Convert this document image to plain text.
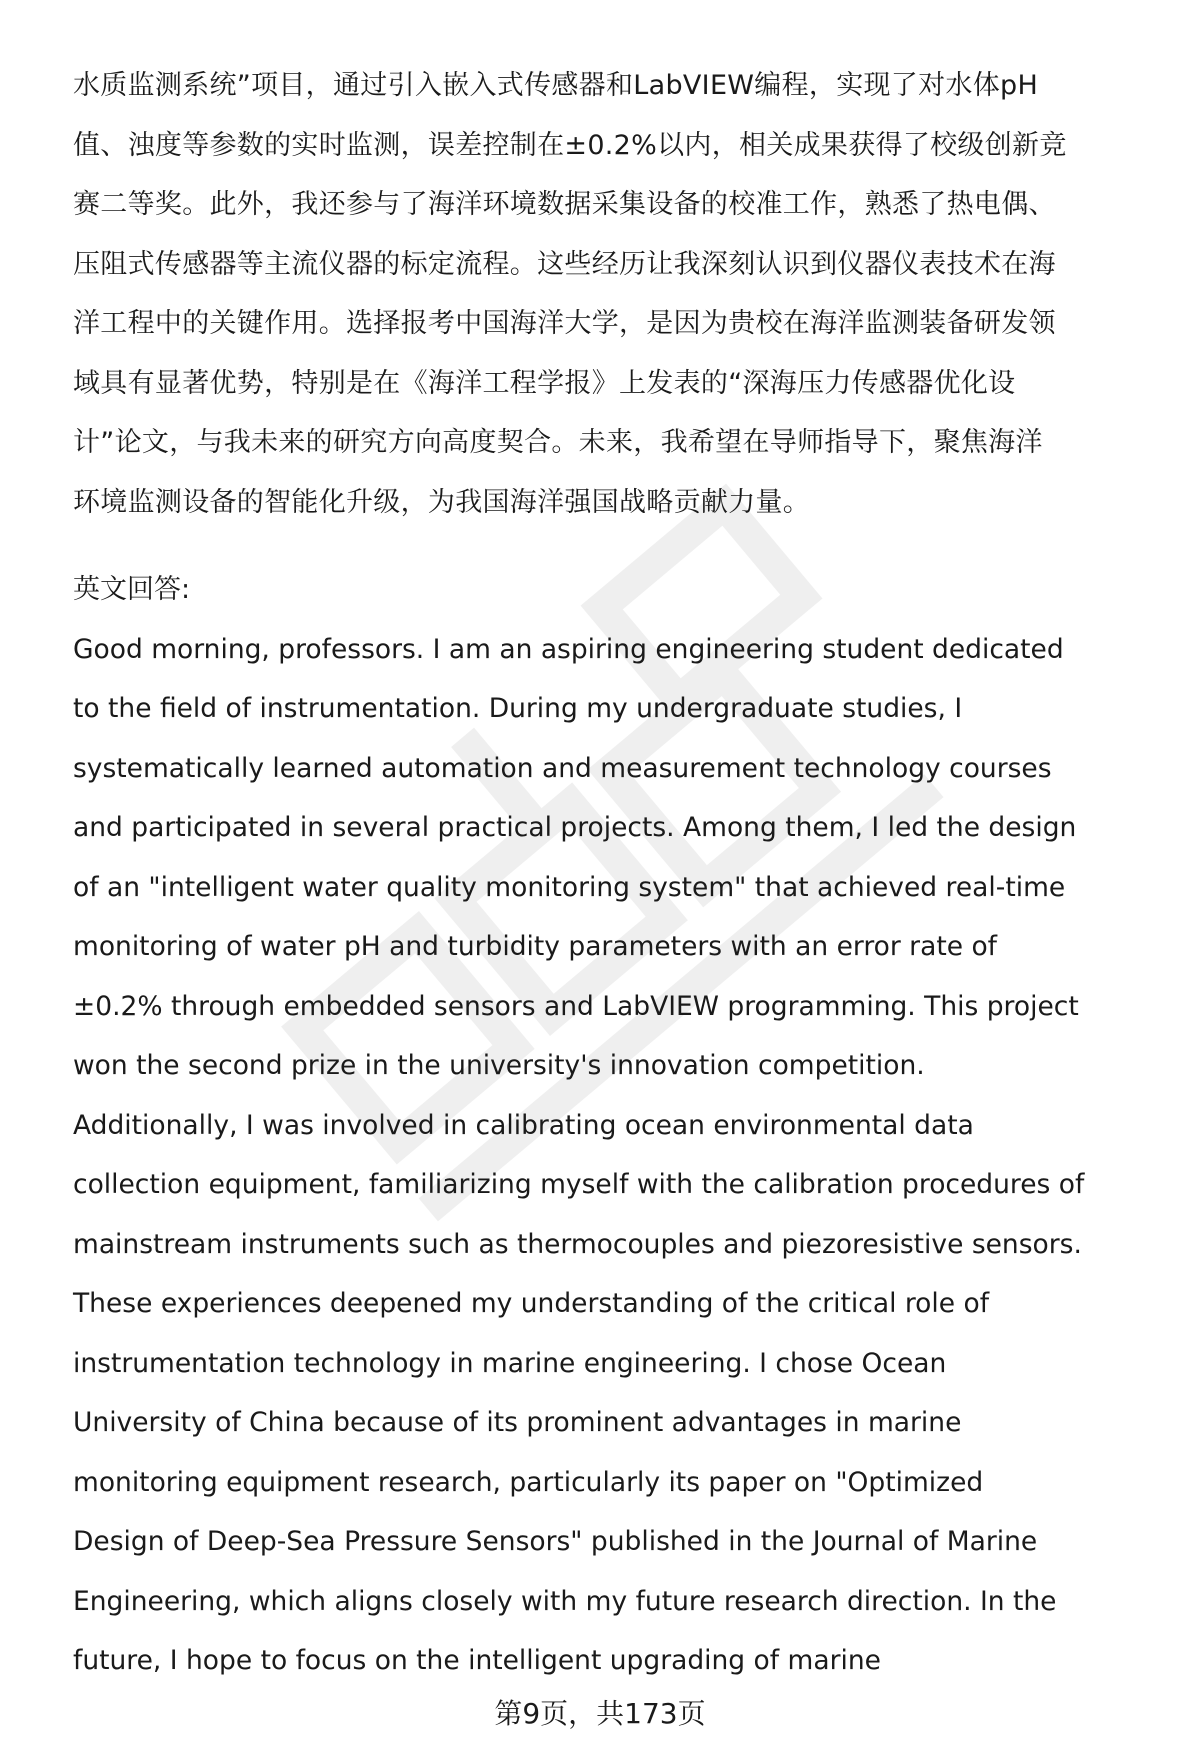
水质监测系统”项目，通过引入嵌入式传感器和LabVIEW编程，实现了对水体pH
值、浊度等参数的实时监测，误差控制在±0.2%以内，相关成果获得了校级创新竞
赛二等奖。此外，我还参与了海洋环境数据采集设备的校准工作，熟悉了热电偶、
压阻式传感器等主流仪器的标定流程。这些经历让我深刻认识到仪器仪表技术在海
洋工程中的关键作用。选择报考中国海洋大学，是因为贵校在海洋监测装备研发领
域具有显著优势，特别是在《海洋工程学报》上发表的“深海压力传感器优化设
计”论文，与我未来的研究方向高度契合。未来，我希望在导师指导下，聚焦海洋
环境监测设备的智能化升级，为我国海洋强国战略贡献力量。
英文回答:
Good morning, professors. I am an aspiring engineering student dedicated
to the field of instrumentation. During my undergraduate studies, I
systematically learned automation and measurement technology courses
and participated in several practical projects. Among them, I led the design
of an "intelligent water quality monitoring system" that achieved real-time
monitoring of water pH and turbidity parameters with an error rate of
±0.2% through embedded sensors and LabVIEW programming. This project
won the second prize in the university's innovation competition.
Additionally, I was involved in calibrating ocean environmental data
collection equipment, familiarizing myself with the calibration procedures of
mainstream instruments such as thermocouples and piezoresistive sensors.
These experiences deepened my understanding of the critical role of
instrumentation technology in marine engineering. I chose Ocean
University of China because of its prominent advantages in marine
monitoring equipment research, particularly its paper on "Optimized
Design of Deep-Sea Pressure Sensors" published in the Journal of Marine
Engineering, which aligns closely with my future research direction. In the
future, I hope to focus on the intelligent upgrading of marine
第9页，共173页
